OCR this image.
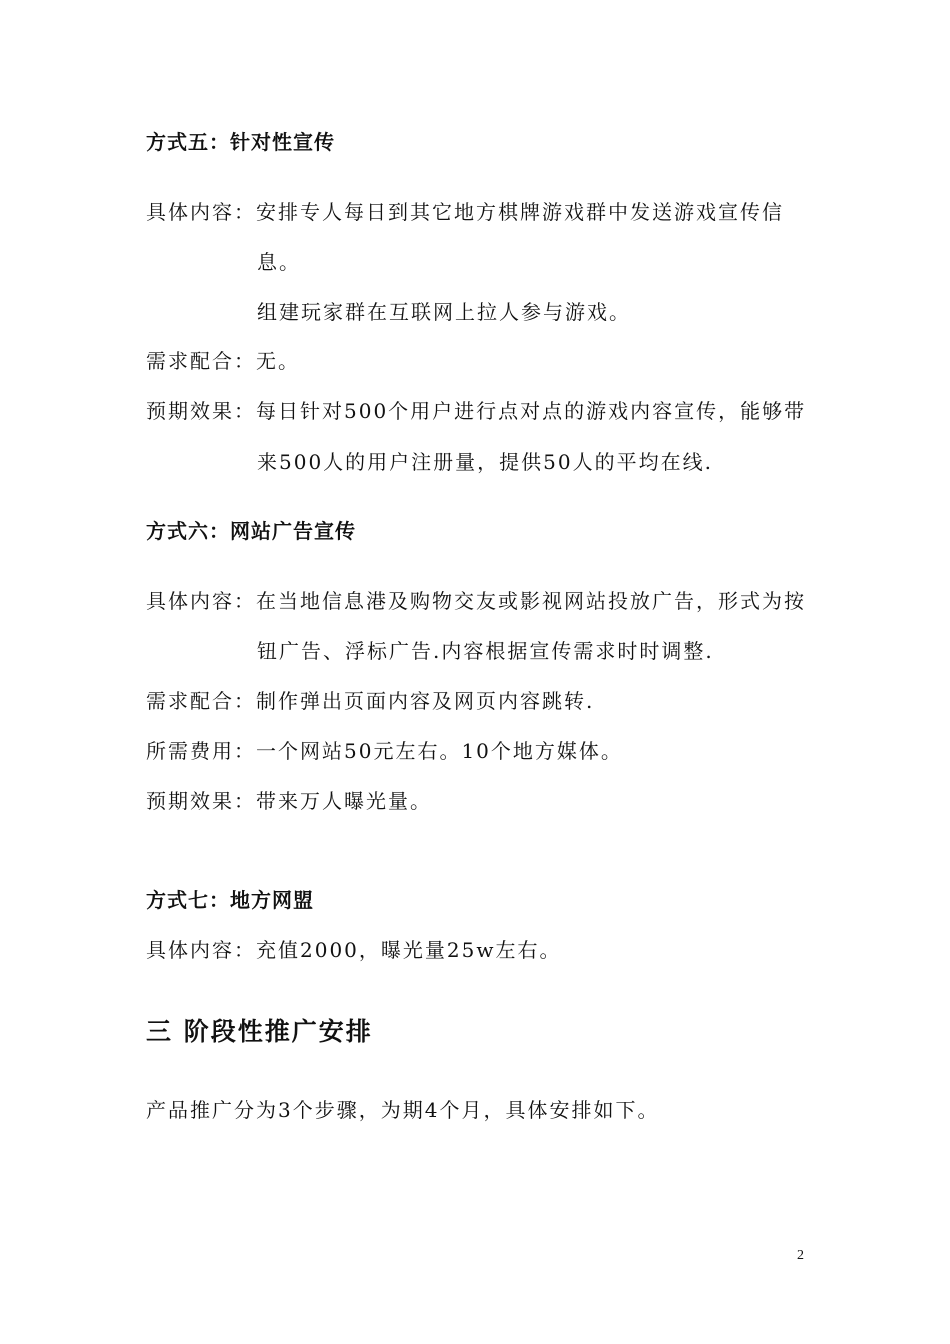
方式五：针对性宣传
具体内容：安排专人每日到其它地方棋牌游戏群中发送游戏宣传信
息。
组建玩家群在互联网上拉人参与游戏。
需求配合：无。
预期效果：每日针对500个用户进行点对点的游戏内容宣传，能够带
来500人的用户注册量，提供50人的平均在线.
方式六：网站广告宣传
具体内容：在当地信息港及购物交友或影视网站投放广告，形式为按
钮广告、浮标广告.内容根据宣传需求时时调整.
需求配合：制作弹出页面内容及网页内容跳转.
所需费用：一个网站50元左右。10个地方媒体。
预期效果：带来万人曝光量。
方式七：地方网盟
具体内容：充值2000，曝光量25w左右。
三 阶段性推广安排
产品推广分为3个步骤，为期4个月，具体安排如下。
2
